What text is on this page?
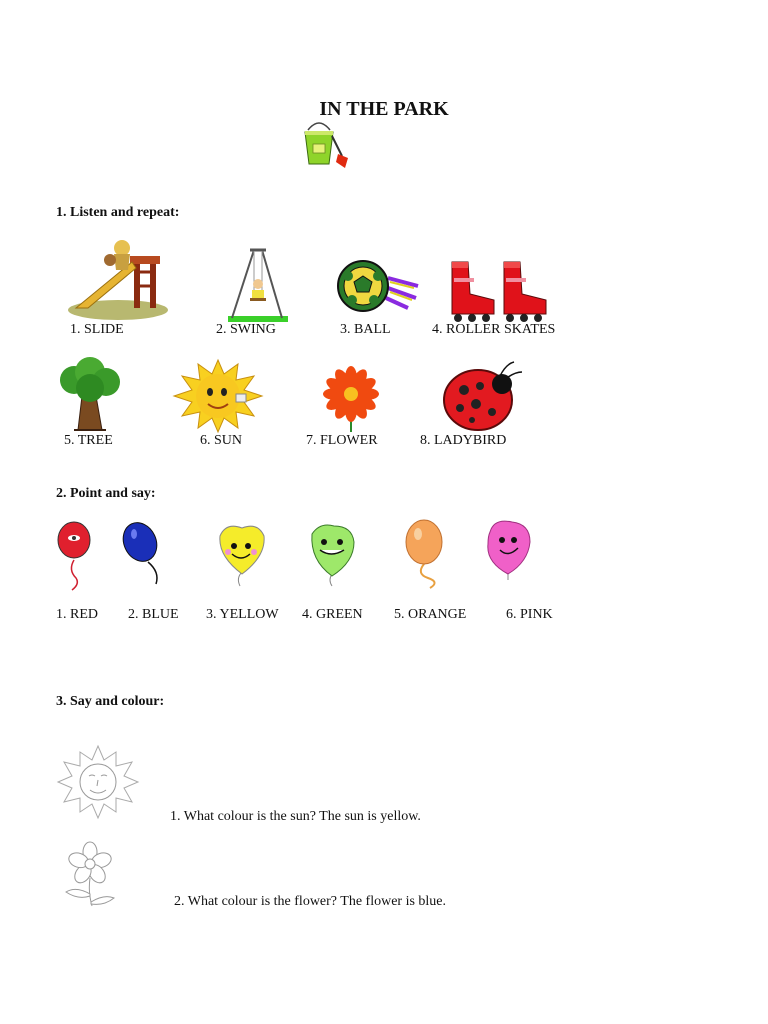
IN THE PARK
1. Listen and repeat:
1. SLIDE	2. SWING	3. BALL	4. ROLLER SKATES
5. TREE	6. SUN	7. FLOWER	8. LADYBIRD
2. Point and say:
1. RED 2. BLUE 3. YELLOW 4. GREEN 5. ORANGE	6. PINK
3. Say and colour:
1. What colour is the sun? The sun is yellow.
2. What colour is the flower? The flower is blue.
